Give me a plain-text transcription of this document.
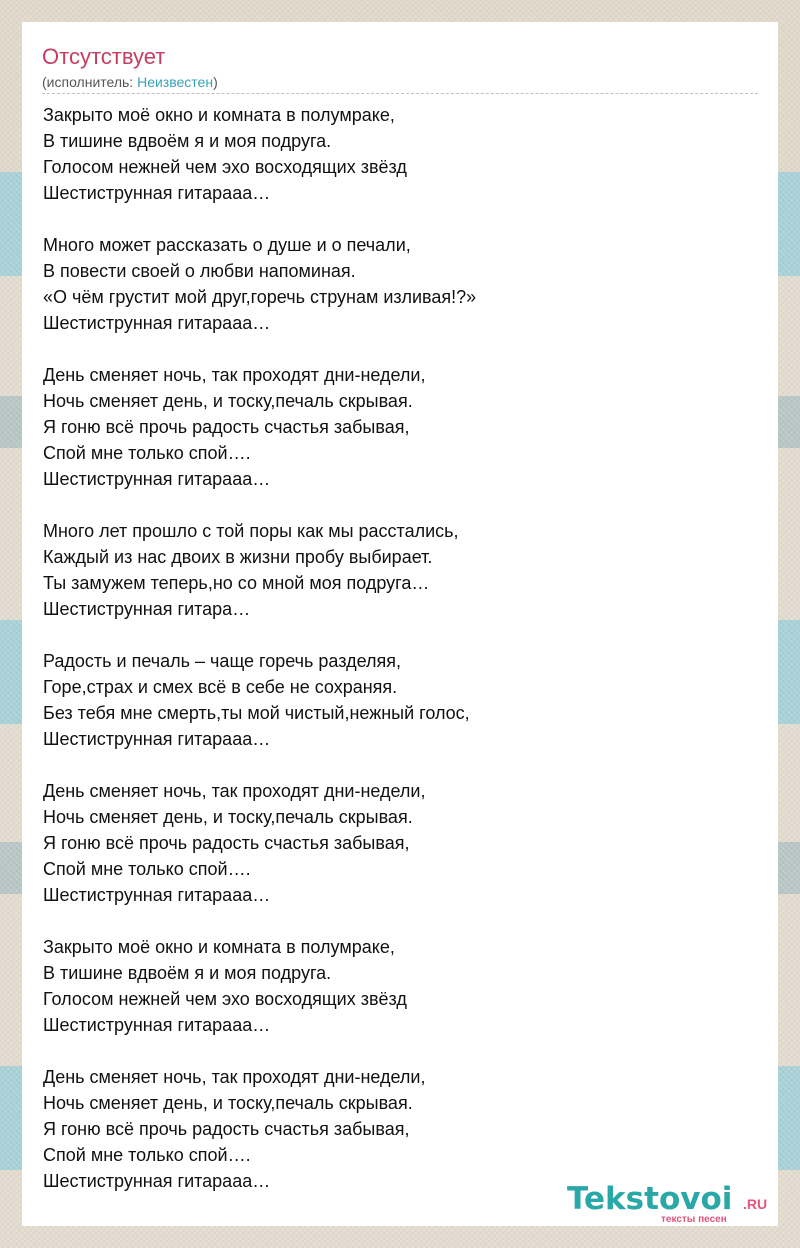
Отсутствует
(исполнитель: Неизвестен)
Закрыто моё окно и комната в полумраке,
В тишине вдвоём я и моя подруга.
Голосом нежней чем эхо восходящих звёзд
Шестиструнная гитарааа…
Много может рассказать о душе и о печали,
В повести своей о любви напоминая.
«О чём грустит мой друг,горечь струнам изливая!?»
Шестиструнная гитарааа…
День сменяет ночь, так проходят дни-недели,
Ночь сменяет день, и тоску,печаль скрывая.
Я гоню всё прочь радость счастья забывая,
Спой мне только спой….
Шестиструнная гитарааа…
Много лет прошло с той поры как мы расстались,
Каждый из нас двоих в жизни пробу выбирает.
Ты замужем теперь,но со мной моя подруга…
Шестиструнная гитара…
Радость и печаль – чаще горечь разделяя,
Горе,страх и смех всё в себе не сохраняя.
Без тебя мне смерть,ты мой чистый,нежный голос,
Шестиструнная гитарааа…
День сменяет ночь, так проходят дни-недели,
Ночь сменяет день, и тоску,печаль скрывая.
Я гоню всё прочь радость счастья забывая,
Спой мне только спой….
Шестиструнная гитарааа…
Закрыто моё окно и комната в полумраке,
В тишине вдвоём я и моя подруга.
Голосом нежней чем эхо восходящих звёзд
Шестиструнная гитарааа…
День сменяет ночь, так проходят дни-недели,
Ночь сменяет день, и тоску,печаль скрывая.
Я гоню всё прочь радость счастья забывая,
Спой мне только спой….
Шестиструнная гитарааа…	Tekstovoi .RU
тексты песен
